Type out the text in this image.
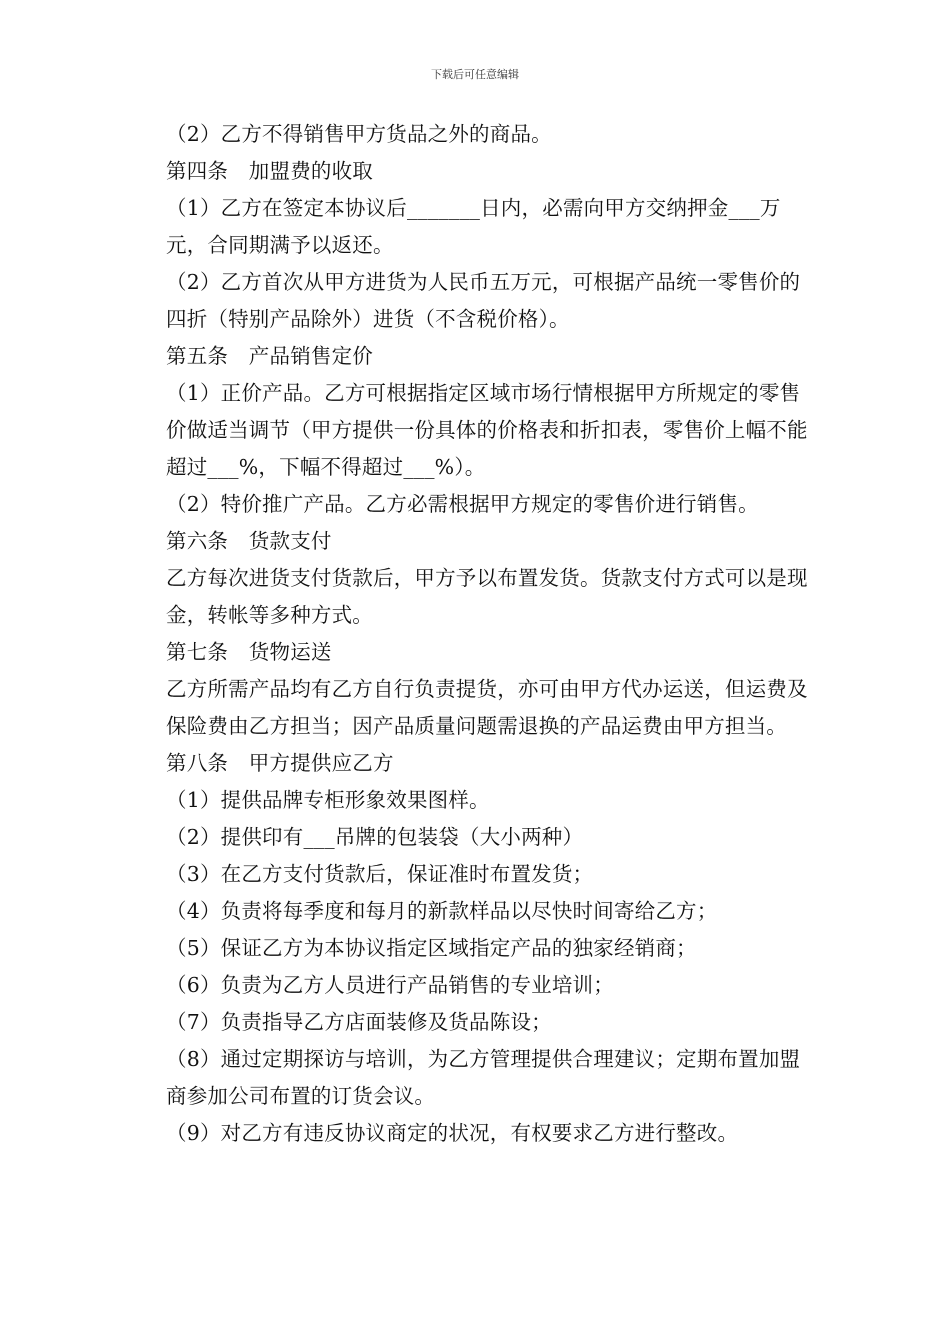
下载后可任意编辑

（2）乙方不得销售甲方货品之外的商品。

第四条　加盟费的收取

（1）乙方在签定本协议后_______日内，必需向甲方交纳押金___万元，合同期满予以返还。

（2）乙方首次从甲方进货为人民币五万元，可根据产品统一零售价的四折（特别产品除外）进货（不含税价格）。

第五条　产品销售定价

（1）正价产品。乙方可根据指定区域市场行情根据甲方所规定的零售价做适当调节（甲方提供一份具体的价格表和折扣表，零售价上幅不能超过___%，下幅不得超过___%）。

（2）特价推广产品。乙方必需根据甲方规定的零售价进行销售。

第六条　货款支付

乙方每次进货支付货款后，甲方予以布置发货。货款支付方式可以是现金，转帐等多种方式。

第七条　货物运送

乙方所需产品均有乙方自行负责提货，亦可由甲方代办运送，但运费及保险费由乙方担当；因产品质量问题需退换的产品运费由甲方担当。

第八条　甲方提供应乙方

（1）提供品牌专柜形象效果图样。

（2）提供印有___吊牌的包装袋（大小两种）

（3）在乙方支付货款后，保证准时布置发货；

（4）负责将每季度和每月的新款样品以尽快时间寄给乙方；

（5）保证乙方为本协议指定区域指定产品的独家经销商；

（6）负责为乙方人员进行产品销售的专业培训；

（7）负责指导乙方店面装修及货品陈设；

（8）通过定期探访与培训，为乙方管理提供合理建议；定期布置加盟商参加公司布置的订货会议。

（9）对乙方有违反协议商定的状况，有权要求乙方进行整改。
